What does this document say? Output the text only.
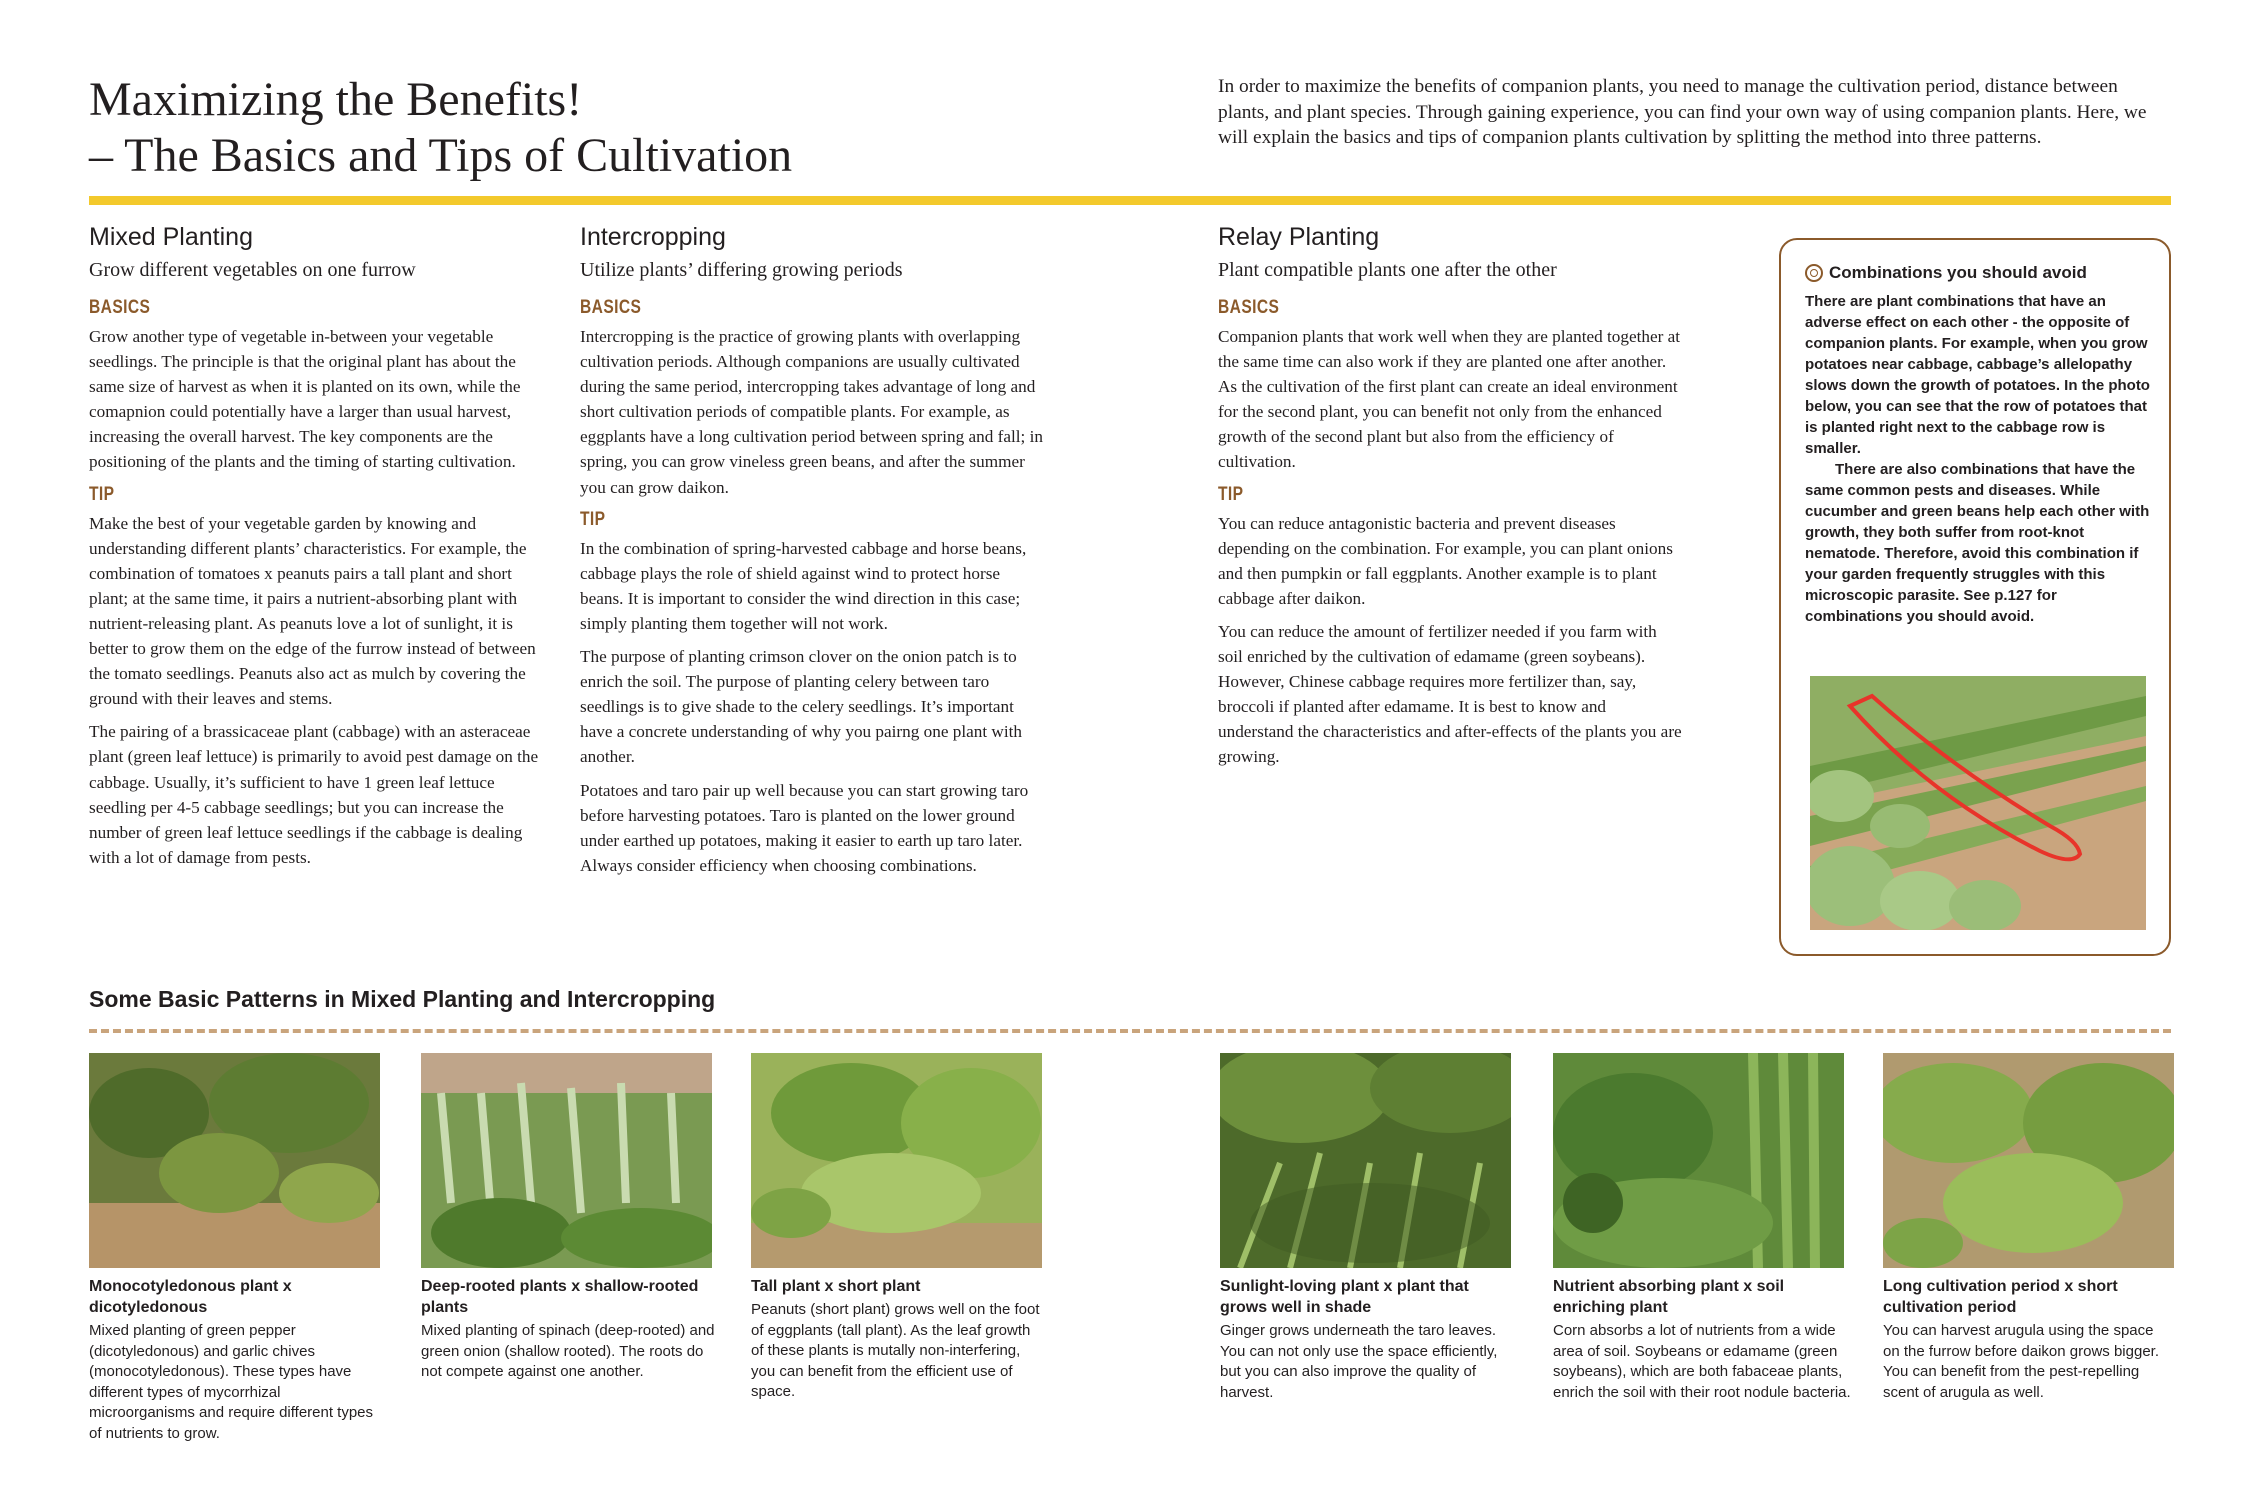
Maximizing the Benefits!
– The Basics and Tips of Cultivation

In order to maximize the benefits of companion plants, you need to manage the cultivation period, distance between plants, and plant species. Through gaining experience, you can find your own way of using companion plants. Here, we will explain the basics and tips of companion plants cultivation by splitting the method into three patterns.

Mixed Planting

Grow different vegetables on one furrow

BASICS

Grow another type of vegetable in-between your vegetable seedlings. The principle is that the original plant has about the same size of harvest as when it is planted on its own, while the comapnion could potentially have a larger than usual harvest, increasing the overall harvest. The key components are the positioning of the plants and the timing of starting cultivation.

TIP

Make the best of your vegetable garden by knowing and understanding different plants’ characteristics. For example, the combination of tomatoes x peanuts pairs a tall plant and short plant; at the same time, it pairs a nutrient-absorbing plant with nutrient-releasing plant. As peanuts love a lot of sunlight, it is better to grow them on the edge of the furrow instead of between the tomato seedlings. Peanuts also act as mulch by covering the ground with their leaves and stems.

The pairing of a brassicaceae plant (cabbage) with an asteraceae plant (green leaf lettuce) is primarily to avoid pest damage on the cabbage. Usually, it’s sufficient to have 1 green leaf lettuce seedling per 4-5 cabbage seedlings; but you can increase the number of green leaf lettuce seedlings if the cabbage is dealing with a lot of damage from pests.

Intercropping

Utilize plants’ differing growing periods

BASICS

Intercropping is the practice of growing plants with overlapping cultivation periods. Although companions are usually cultivated during the same period, intercropping takes advantage of long and short cultivation periods of compatible plants. For example, as eggplants have a long cultivation period between spring and fall; in spring, you can grow vineless green beans, and after the summer you can grow daikon.

TIP

In the combination of spring-harvested cabbage and horse beans, cabbage plays the role of shield against wind to protect horse beans. It is important to consider the wind direction in this case; simply planting them together will not work.

The purpose of planting crimson clover on the onion patch is to enrich the soil. The purpose of planting celery between taro seedlings is to give shade to the celery seedlings. It’s important have a concrete understanding of why you pairng one plant with another.

Potatoes and taro pair up well because you can start growing taro before harvesting potatoes. Taro is planted on the lower ground under earthed up potatoes, making it easier to earth up taro later. Always consider efficiency when choosing combinations.

Relay Planting

Plant compatible plants one after the other

BASICS

Companion plants that work well when they are planted together at the same time can also work if they are planted one after another. As the cultivation of the first plant can create an ideal environment for the second plant, you can benefit not only from the enhanced growth of the second plant but also from the efficiency of cultivation.

TIP

You can reduce antagonistic bacteria and prevent diseases depending on the combination. For example, you can plant onions and then pumpkin or fall eggplants. Another example is to plant cabbage after daikon.

You can reduce the amount of fertilizer needed if you farm with soil enriched by the cultivation of edamame (green soybeans). However, Chinese cabbage requires more fertilizer than, say, broccoli if planted after edamame. It is best to know and understand the characteristics and after-effects of the plants you are growing.

Combinations you should avoid

There are plant combinations that have an adverse effect on each other - the opposite of companion plants. For example, when you grow potatoes near cabbage, cabbage’s allelopathy slows down the growth of potatoes. In the photo below, you can see that the row of potatoes that is planted right next to the cabbage row is smaller.

There are also combinations that have the same common pests and diseases. While cucumber and green beans help each other with growth, they both suffer from root-knot nematode. Therefore, avoid this combination if your garden frequently struggles with this microscopic parasite. See p.127 for combinations you should avoid.

Some Basic Patterns in Mixed Planting and Intercropping

Monocotyledonous plant x dicotyledonous

Mixed planting of green pepper (dicotyledonous) and garlic chives (monocotyledonous). These types have different types of mycorrhizal microorganisms and require different types of nutrients to grow.

Deep-rooted plants x shallow-rooted plants

Mixed planting of spinach (deep-rooted) and green onion (shallow rooted). The roots do not compete against one another.

Tall plant x short plant

Peanuts (short plant) grows well on the foot of eggplants (tall plant). As the leaf growth of these plants is mutally non-interfering, you can benefit from the efficient use of space.

Sunlight-loving plant x plant that grows well in shade

Ginger grows underneath the taro leaves. You can not only use the space efficiently, but you can also improve the quality of harvest.

Nutrient absorbing plant x soil enriching plant

Corn absorbs a lot of nutrients from a wide area of soil. Soybeans or edamame (green soybeans), which are both fabaceae plants, enrich the soil with their root nodule bacteria.

Long cultivation period x short cultivation period

You can harvest arugula using the space on the furrow before daikon grows bigger. You can benefit from the pest-repelling scent of arugula as well.
